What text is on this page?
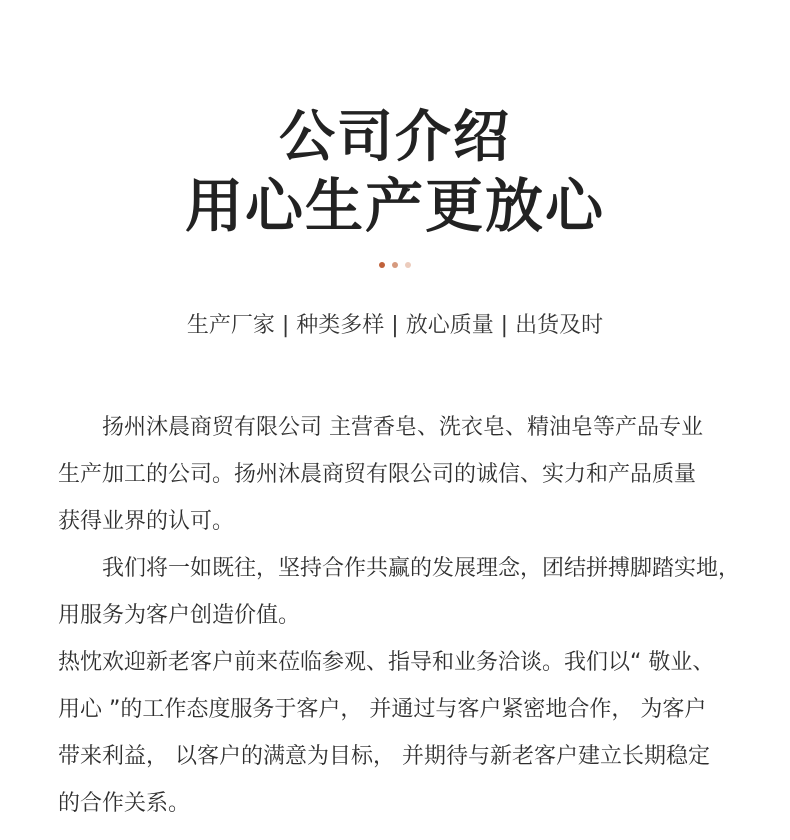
公司介绍
用心生产更放心

生产厂家 | 种类多样 | 放心质量 | 出货及时

扬州沐晨商贸有限公司 主营香皂、洗衣皂、精油皂等产品专业
生产加工的公司。扬州沐晨商贸有限公司的诚信、实力和产品质量
获得业界的认可。

我们将一如既往，坚持合作共赢的发展理念，团结拼搏脚踏实地，
用服务为客户创造价值。

热忱欢迎新老客户前来莅临参观、指导和业务洽谈。我们以“ 敬业、
用心 ”的工作态度服务于客户， 并通过与客户紧密地合作， 为客户
带来利益， 以客户的满意为目标， 并期待与新老客户建立长期稳定
的合作关系。
